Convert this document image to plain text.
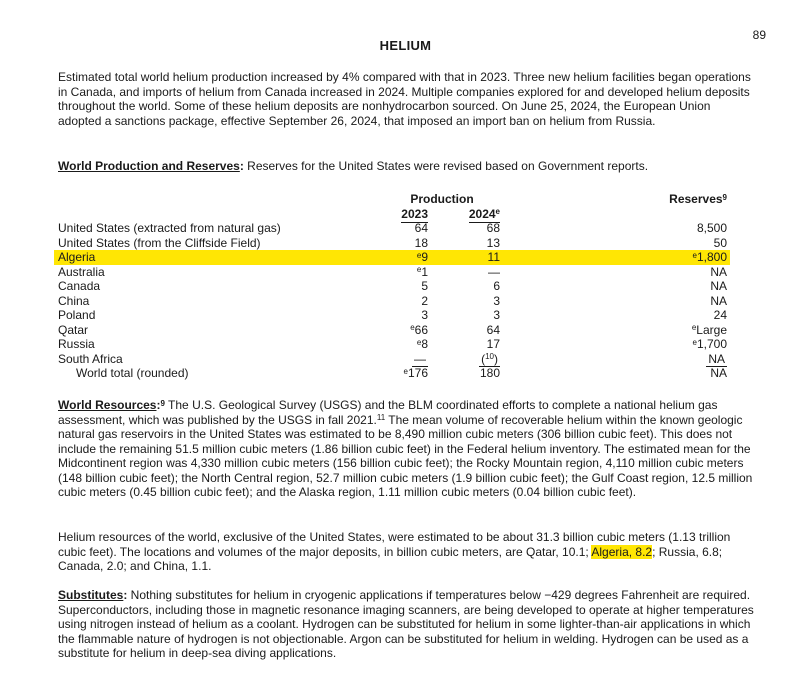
89
HELIUM

Estimated total world helium production increased by 4% compared with that in 2023. Three new helium facilities began operations in Canada, and imports of helium from Canada increased in 2024. Multiple companies explored for and developed helium deposits throughout the world. Some of these helium deposits are nonhydrocarbon sourced. On June 25, 2024, the European Union adopted a sanctions package, effective September 26, 2024, that imposed an import ban on helium from Russia.

World Production and Reserves: Reserves for the United States were revised based on Government reports.

Production	Reserves$^9$
2023	2024e
United States (extracted from natural gas)	64	68	8,500
United States (from the Cliffside Field)	18	13	50
Algeria	$^e$9	11	$^e$1,800
Australia	$^e$1	—	NA
Canada	5	6	NA
China	2	3	NA
Poland	3	3	24
Qatar	$^e$66	64	$^e$Large
Russia	$^e$8	17	$^e$1,700
South Africa	—	($^{10}$)	NA
World total (rounded)	$^e$176	180	NA

World Resources:$^9$ The U.S. Geological Survey (USGS) and the BLM coordinated efforts to complete a national helium gas assessment, which was published by the USGS in fall 2021.11 The mean volume of recoverable helium within the known geologic natural gas reservoirs in the United States was estimated to be 8,490 million cubic meters (306 billion cubic feet). This does not include the remaining 51.5 million cubic meters (1.86 billion cubic feet) in the Federal helium inventory. The estimated mean for the Midcontinent region was 4,330 million cubic meters (156 billion cubic feet); the Rocky Mountain region, 4,110 million cubic meters (148 billion cubic feet); the North Central region, 52.7 million cubic meters (1.9 billion cubic feet); the Gulf Coast region, 12.5 million cubic meters (0.45 billion cubic feet); and the Alaska region, 1.11 million cubic meters (0.04 billion cubic feet).

Helium resources of the world, exclusive of the United States, were estimated to be about 31.3 billion cubic meters (1.13 trillion cubic feet). The locations and volumes of the major deposits, in billion cubic meters, are Qatar, 10.1; Algeria, 8.2; Russia, 6.8; Canada, 2.0; and China, 1.1.

Substitutes: Nothing substitutes for helium in cryogenic applications if temperatures below −429 degrees Fahrenheit are required. Superconductors, including those in magnetic resonance imaging scanners, are being developed to operate at higher temperatures using nitrogen instead of helium as a coolant. Hydrogen can be substituted for helium in some lighter-than-air applications in which the flammable nature of hydrogen is not objectionable. Argon can be substituted for helium in welding. Hydrogen can be used as a substitute for helium in deep-sea diving applications.
